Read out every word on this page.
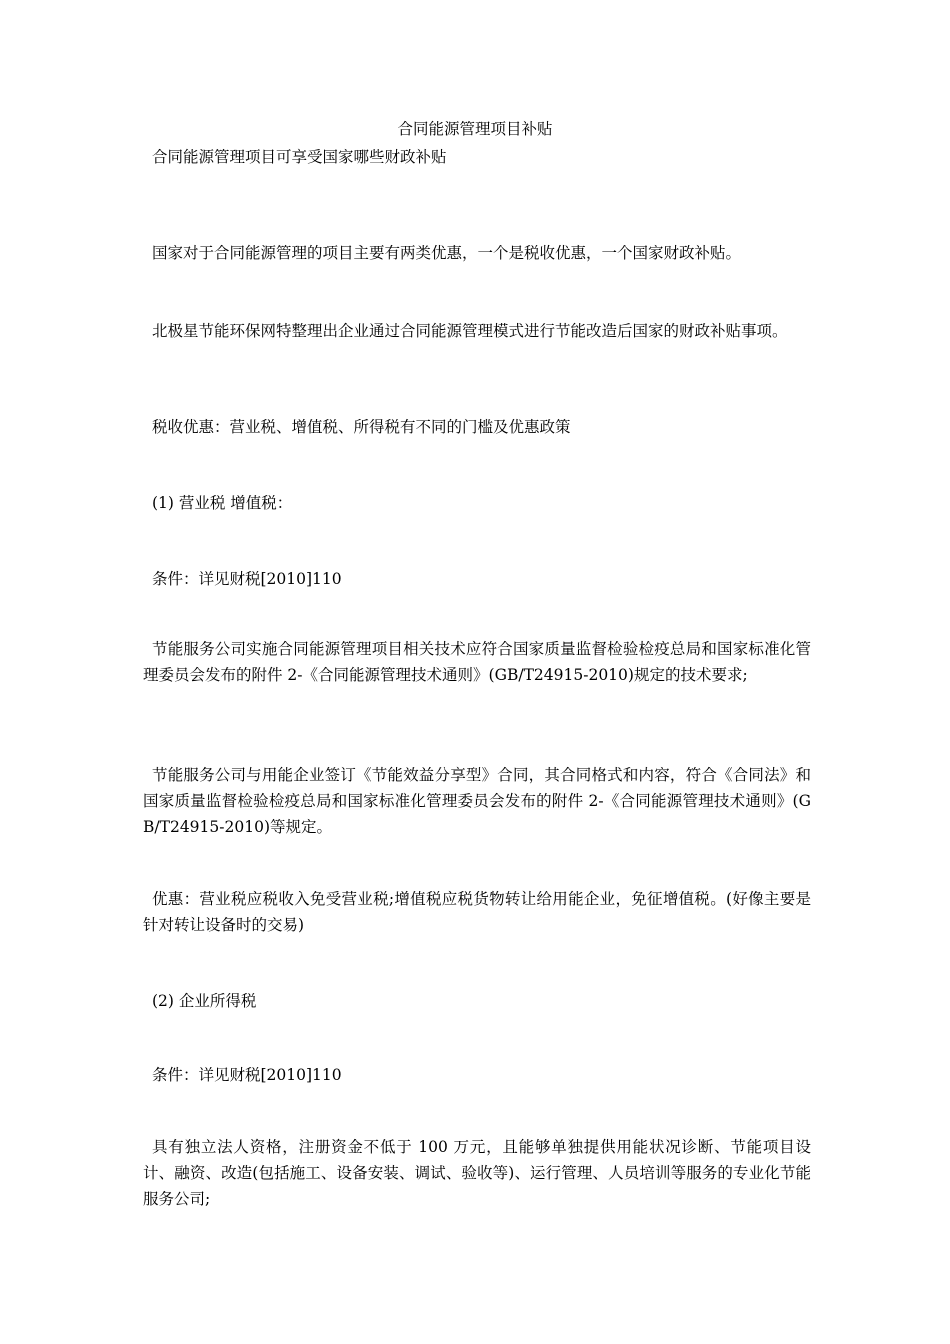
合同能源管理项目补贴

合同能源管理项目可享受国家哪些财政补贴

国家对于合同能源管理的项目主要有两类优惠，一个是税收优惠，一个国家财政补贴。

北极星节能环保网特整理出企业通过合同能源管理模式进行节能改造后国家的财政补贴事项。

税收优惠：营业税、增值税、所得税有不同的门槛及优惠政策

(1) 营业税 增值税：

条件：详见财税[2010]110

节能服务公司实施合同能源管理项目相关技术应符合国家质量监督检验检疫总局和国家标准化管理委员会发布的附件 2-《合同能源管理技术通则》(GB/T24915-2010)规定的技术要求;

节能服务公司与用能企业签订《节能效益分享型》合同，其合同格式和内容，符合《合同法》和国家质量监督检验检疫总局和国家标准化管理委员会发布的附件 2-《合同能源管理技术通则》(GB/T24915-2010)等规定。

优惠：营业税应税收入免受营业税;增值税应税货物转让给用能企业，免征增值税。(好像主要是针对转让设备时的交易)

(2) 企业所得税

条件：详见财税[2010]110

具有独立法人资格，注册资金不低于 100 万元，且能够单独提供用能状况诊断、节能项目设计、融资、改造(包括施工、设备安装、调试、验收等)、运行管理、人员培训等服务的专业化节能服务公司;
